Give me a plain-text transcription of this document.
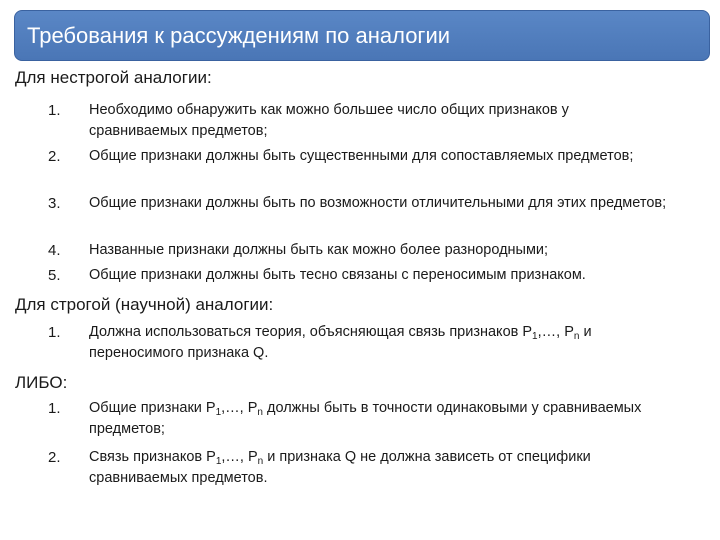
Требования к рассуждениям по аналогии
Для нестрогой аналогии:
1. Необходимо обнаружить как можно большее число общих признаков у сравниваемых предметов;
2. Общие признаки должны быть существенными для сопоставляемых предметов;
3. Общие признаки должны быть по возможности отличительными для этих предметов;
4. Названные признаки должны быть как можно более разнородными;
5. Общие признаки должны быть тесно связаны с переносимым признаком.
Для строгой (научной) аналогии:
1. Должна использоваться теория, объясняющая связь признаков $P_1,\dots$, $P_n$ и переносимого признака Q.
ЛИБО:
1. Общие признаки $P_1,\dots$, $P_n$ должны быть в точности одинаковыми у сравниваемых предметов;
2. Связь признаков $P_1,\dots$, $P_n$ и признака Q не должна зависеть от специфики сравниваемых предметов.
